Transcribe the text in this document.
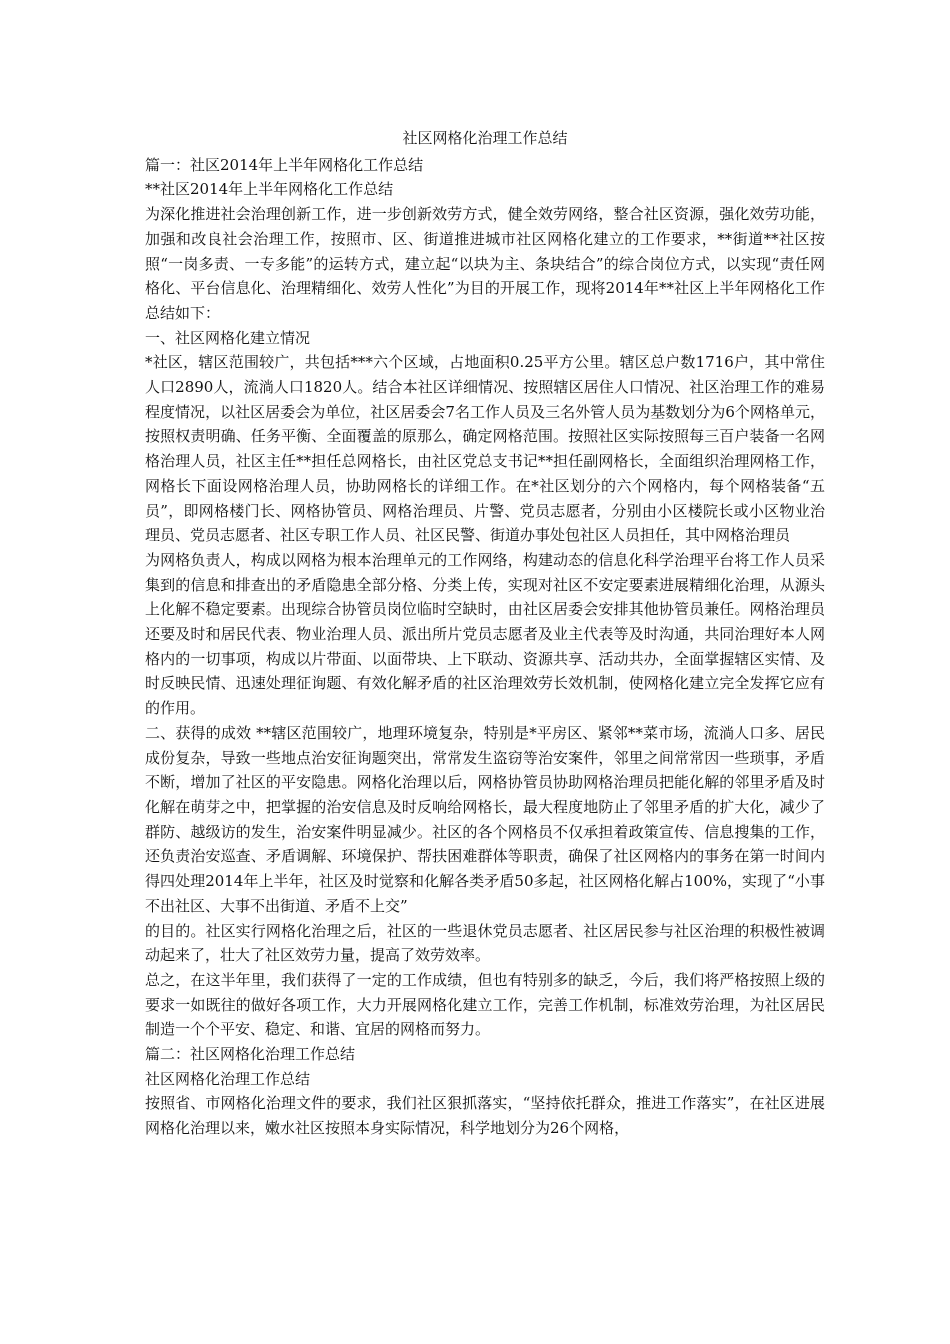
社区网格化治理工作总结

篇一：社区2014年上半年网格化工作总结

**社区2014年上半年网格化工作总结

为深化推进社会治理创新工作，进一步创新效劳方式，健全效劳网络，整合社区资源，强化效劳功能，加强和改良社会治理工作，按照市、区、街道推进城市社区网格化建立的工作要求，**街道**社区按照“一岗多责、一专多能”的运转方式，建立起“以块为主、条块结合”的综合岗位方式，以实现“责任网格化、平台信息化、治理精细化、效劳人性化”为目的开展工作，现将2014年**社区上半年网格化工作总结如下：

一、社区网格化建立情况

*社区，辖区范围较广，共包括***六个区域，占地面积0.25平方公里。辖区总户数1716户，其中常住人口2890人，流淌人口1820人。结合本社区详细情况、按照辖区居住人口情况、社区治理工作的难易程度情况，以社区居委会为单位，社区居委会7名工作人员及三名外管人员为基数划分为6个网格单元，按照权责明确、任务平衡、全面覆盖的原那么，确定网格范围。按照社区实际按照每三百户装备一名网格治理人员，社区主任**担任总网格长，由社区党总支书记**担任副网格长，全面组织治理网格工作，网格长下面设网格治理人员，协助网格长的详细工作。在*社区划分的六个网格内，每个网格装备“五员”，即网格楼门长、网格协管员、网格治理员、片警、党员志愿者，分别由小区楼院长或小区物业治理员、党员志愿者、社区专职工作人员、社区民警、街道办事处包社区人员担任，其中网格治理员

为网格负责人，构成以网格为根本治理单元的工作网络，构建动态的信息化科学治理平台将工作人员采集到的信息和排查出的矛盾隐患全部分格、分类上传，实现对社区不安定要素进展精细化治理，从源头上化解不稳定要素。出现综合协管员岗位临时空缺时，由社区居委会安排其他协管员兼任。网格治理员还要及时和居民代表、物业治理人员、派出所片党员志愿者及业主代表等及时沟通，共同治理好本人网格内的一切事项，构成以片带面、以面带块、上下联动、资源共享、活动共办，全面掌握辖区实情、及时反映民情、迅速处理征询题、有效化解矛盾的社区治理效劳长效机制，使网格化建立完全发挥它应有的作用。

二、获得的成效 **辖区范围较广，地理环境复杂，特别是*平房区、紧邻**菜市场，流淌人口多、居民成份复杂，导致一些地点治安征询题突出，常常发生盗窃等治安案件，邻里之间常常因一些琐事，矛盾不断，增加了社区的平安隐患。网格化治理以后，网格协管员协助网格治理员把能化解的邻里矛盾及时化解在萌芽之中，把掌握的治安信息及时反响给网格长，最大程度地防止了邻里矛盾的扩大化，减少了群防、越级访的发生，治安案件明显减少。社区的各个网格员不仅承担着政策宣传、信息搜集的工作，还负责治安巡查、矛盾调解、环境保护、帮扶困难群体等职责，确保了社区网格内的事务在第一时间内得四处理2014年上半年，社区及时觉察和化解各类矛盾50多起，社区网格化解占100%，实现了“小事不出社区、大事不出街道、矛盾不上交”

的目的。社区实行网格化治理之后，社区的一些退休党员志愿者、社区居民参与社区治理的积极性被调动起来了，壮大了社区效劳力量，提高了效劳效率。

总之，在这半年里，我们获得了一定的工作成绩，但也有特别多的缺乏，今后，我们将严格按照上级的要求一如既往的做好各项工作，大力开展网格化建立工作，完善工作机制，标准效劳治理，为社区居民制造一个个平安、稳定、和谐、宜居的网格而努力。

篇二：社区网格化治理工作总结

社区网格化治理工作总结

按照省、市网格化治理文件的要求，我们社区狠抓落实，“坚持依托群众，推进工作落实”，在社区进展网格化治理以来，嫩水社区按照本身实际情况，科学地划分为26个网格，
